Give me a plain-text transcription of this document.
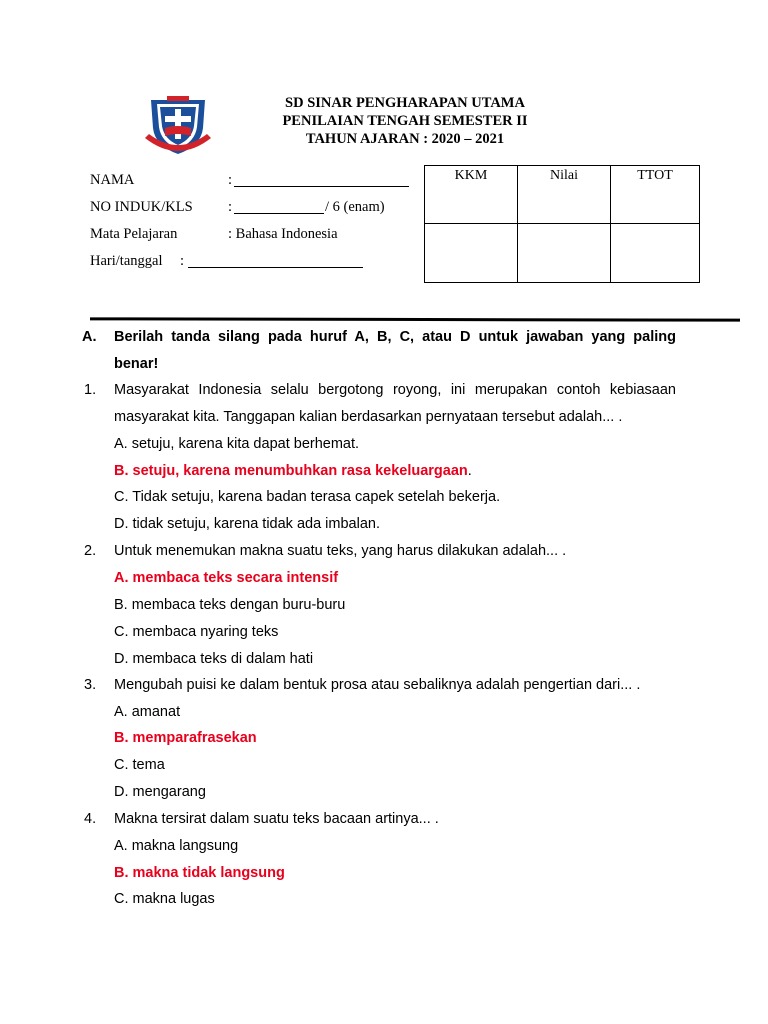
SD SINAR PENGHARAPAN UTAMA
PENILAIAN TENGAH SEMESTER II
TAHUN AJARAN : 2020 – 2021
NAMA	:
NO INDUK/KLS :	/ 6 (enam)
Mata Pelajaran	: Bahasa Indonesia
Hari/tanggal :
KKM	Nilai	TTOT

A. Berilah tanda silang pada huruf A, B, C, atau D untuk jawaban yang paling
benar!
1. Masyarakat Indonesia selalu bergotong royong, ini merupakan contoh kebiasaan
masyarakat kita. Tanggapan kalian berdasarkan pernyataan tersebut adalah... .
A. setuju, karena kita dapat berhemat.
B. setuju, karena menumbuhkan rasa kekeluargaan.
C. Tidak setuju, karena badan terasa capek setelah bekerja.
D. tidak setuju, karena tidak ada imbalan.
2. Untuk menemukan makna suatu teks, yang harus dilakukan adalah... .
A. membaca teks secara intensif
B. membaca teks dengan buru-buru
C. membaca nyaring teks
D. membaca teks di dalam hati
3. Mengubah puisi ke dalam bentuk prosa atau sebaliknya adalah pengertian dari... .
A. amanat
B. memparafrasekan
C. tema
D. mengarang
4. Makna tersirat dalam suatu teks bacaan artinya... .
A. makna langsung
B. makna tidak langsung
C. makna lugas
